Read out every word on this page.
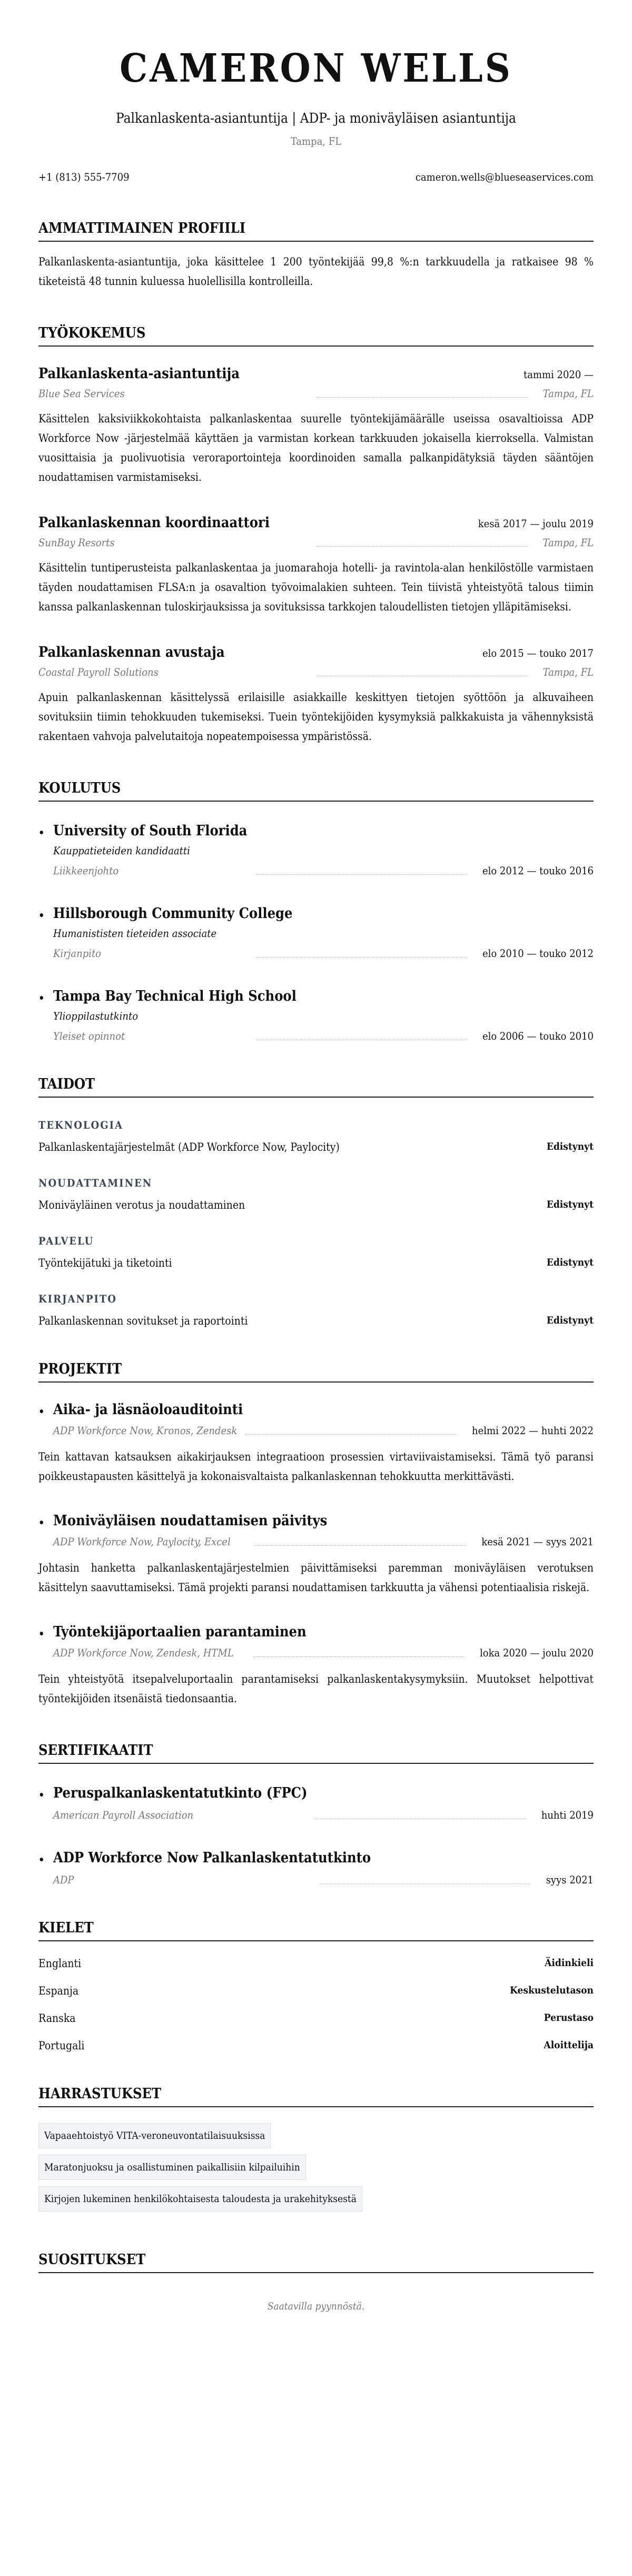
CAMERON WELLS
Palkanlaskenta-asiantuntija | ADP- ja moniväyläisen asiantuntija
Tampa, FL
+1 (813) 555-7709	cameron.wells@blueseaservices.com
AMMATTIMAINEN PROFIILI

Palkanlaskenta-asiantuntija, joka käsittelee 1 200 työntekijää 99,8 %:n tarkkuudella ja ratkaisee 98 % tiketeistä 48 tunnin kuluessa huolellisilla kontrolleilla.

TYÖKOKEMUS
Palkanlaskenta-asiantuntija	tammi 2020 —
Blue Sea Services	Tampa, FL

Käsittelen kaksiviikkokohtaista palkanlaskentaa suurelle työntekijämäärälle useissa osavaltioissa ADP Workforce Now -järjestelmää käyttäen ja varmistan korkean tarkkuuden jokaisella kierroksella. Valmistan vuosittaisia ja puolivuotisia veroraportointeja koordinoiden samalla palkanpidätyksiä täyden sääntöjen noudattamisen varmistamiseksi.

Palkanlaskennan koordinaattori	kesä 2017 — joulu 2019
SunBay Resorts	Tampa, FL

Käsittelin tuntiperusteista palkanlaskentaa ja juomarahoja hotelli- ja ravintola-alan henkilöstölle varmistaen täyden noudattamisen FLSA:n ja osavaltion työvoimalakien suhteen. Tein tiivistä yhteistyötä talous tiimin kanssa palkanlaskennan tuloskirjauksissa ja sovituksissa tarkkojen taloudellisten tietojen ylläpitämiseksi.

Palkanlaskennan avustaja	elo 2015 — touko 2017
Coastal Payroll Solutions	Tampa, FL

Apuin palkanlaskennan käsittelyssä erilaisille asiakkaille keskittyen tietojen syöttöön ja alkuvaiheen sovituksiin tiimin tehokkuuden tukemiseksi. Tuein työntekijöiden kysymyksiä palkkakuista ja vähennyksistä rakentaen vahvoja palvelutaitoja nopeatempoisessa ympäristössä.

KOULUTUS
• University of South Florida
Kauppatieteiden kandidaatti
Liikkeenjohto	elo 2012 — touko 2016
• Hillsborough Community College
Humanististen tieteiden associate
Kirjanpito	elo 2010 — touko 2012
• Tampa Bay Technical High School
Ylioppilastutkinto
Yleiset opinnot	elo 2006 — touko 2010
TAIDOT
TEKNOLOGIA
Palkanlaskentajärjestelmät (ADP Workforce Now, Paylocity)	Edistynyt
NOUDATTAMINEN
Moniväyläinen verotus ja noudattaminen	Edistynyt
PALVELU
Työntekijätuki ja tiketointi	Edistynyt
KIRJANPITO
Palkanlaskennan sovitukset ja raportointi	Edistynyt
PROJEKTIT
• Aika- ja läsnäoloauditointi
ADP Workforce Now, Kronos, Zendesk	helmi 2022 — huhti 2022

Tein kattavan katsauksen aikakirjauksen integraatioon prosessien virtaviivaistamiseksi. Tämä työ paransi poikkeustapausten käsittelyä ja kokonaisvaltaista palkanlaskennan tehokkuutta merkittävästi.

• Moniväyläisen noudattamisen päivitys
ADP Workforce Now, Paylocity, Excel	kesä 2021 — syys 2021

Johtasin hanketta palkanlaskentajärjestelmien päivittämiseksi paremman moniväyläisen verotuksen käsittelyn saavuttamiseksi. Tämä projekti paransi noudattamisen tarkkuutta ja vähensi potentiaalisia riskejä.

• Työntekijäportaalien parantaminen
ADP Workforce Now, Zendesk, HTML	loka 2020 — joulu 2020

Tein yhteistyötä itsepalveluportaalin parantamiseksi palkanlaskentakysymyksiin. Muutokset helpottivat työntekijöiden itsenäistä tiedonsaantia.

SERTIFIKAATIT
• Peruspalkanlaskentatutkinto (FPC)
American Payroll Association	huhti 2019
• ADP Workforce Now Palkanlaskentatutkinto
ADP	syys 2021
KIELET
Englanti	Äidinkieli
Espanja	Keskustelutason
Ranska	Perustaso
Portugali	Aloittelija
HARRASTUKSET
Vapaaehtoistyö VITA-veroneuvontatilaisuuksissa
Maratonjuoksu ja osallistuminen paikallisiin kilpailuihin
Kirjojen lukeminen henkilökohtaisesta taloudesta ja urakehityksestä
SUOSITUKSET
Saatavilla pyynnöstä.
